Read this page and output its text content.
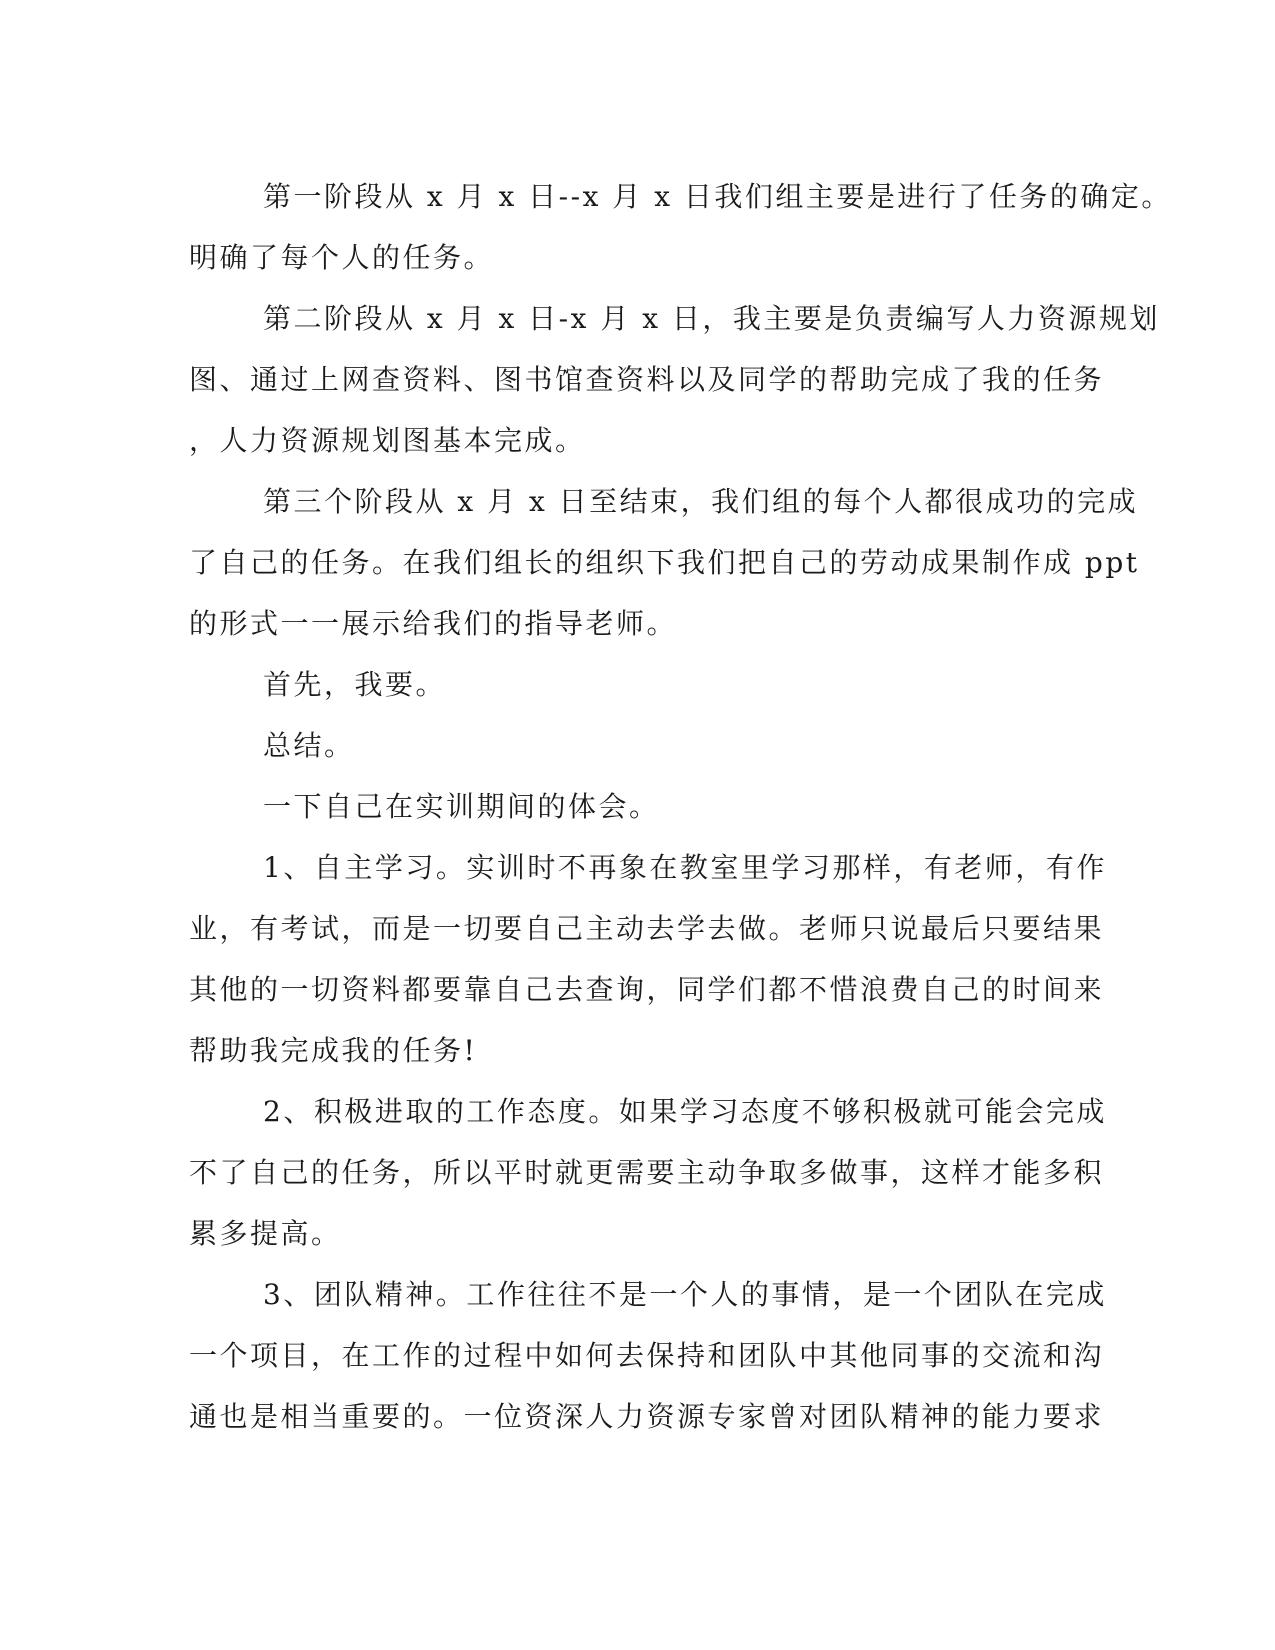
第一阶段从 x 月 x 日--x 月 x 日我们组主要是进行了任务的确定。
明确了每个人的任务。
第二阶段从 x 月 x 日-x 月 x 日，我主要是负责编写人力资源规划
图、通过上网查资料、图书馆查资料以及同学的帮助完成了我的任务
，人力资源规划图基本完成。
第三个阶段从 x 月 x 日至结束，我们组的每个人都很成功的完成
了自己的任务。在我们组长的组织下我们把自己的劳动成果制作成 ppt
的形式一一展示给我们的指导老师。
首先，我要。
总结。
一下自己在实训期间的体会。
1、自主学习。实训时不再象在教室里学习那样，有老师，有作
业，有考试，而是一切要自己主动去学去做。老师只说最后只要结果
其他的一切资料都要靠自己去查询，同学们都不惜浪费自己的时间来
帮助我完成我的任务!
2、积极进取的工作态度。如果学习态度不够积极就可能会完成
不了自己的任务，所以平时就更需要主动争取多做事，这样才能多积
累多提高。
3、团队精神。工作往往不是一个人的事情，是一个团队在完成
一个项目，在工作的过程中如何去保持和团队中其他同事的交流和沟
通也是相当重要的。一位资深人力资源专家曾对团队精神的能力要求
